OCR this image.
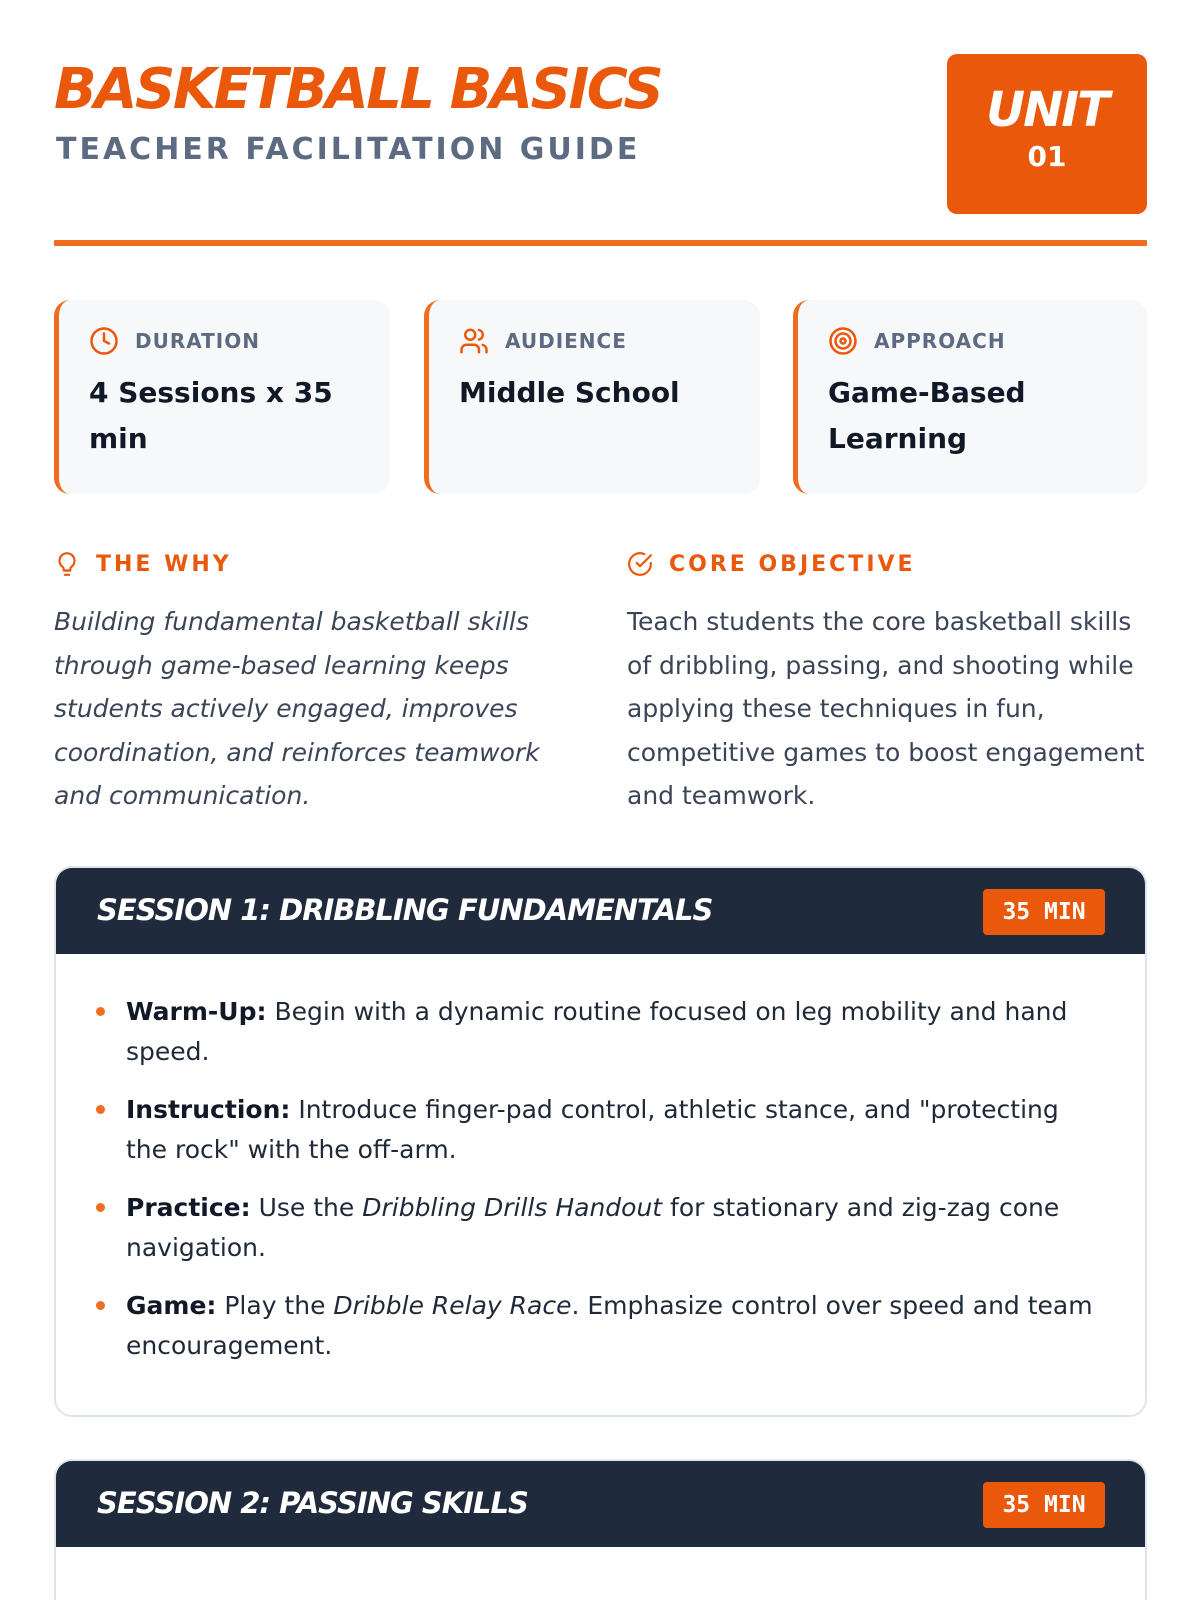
BASKETBALL BASICS
TEACHER FACILITATION GUIDE
UNIT
01
DURATION
4 Sessions x 35 min
AUDIENCE
Middle School
APPROACH
Game-Based Learning
THE WHY

Building fundamental basketball skills through game-based learning keeps students actively engaged, improves coordination, and reinforces teamwork and communication.

CORE OBJECTIVE

Teach students the core basketball skills of dribbling, passing, and shooting while applying these techniques in fun, competitive games to boost engagement and teamwork.

SESSION 1: DRIBBLING FUNDAMENTALS	35 MIN
Warm-Up: Begin with a dynamic routine focused on leg mobility and hand speed.
Instruction: Introduce finger-pad control, athletic stance, and "protecting the rock" with the off-arm.
Practice: Use the Dribbling Drills Handout for stationary and zig-zag cone navigation.
Game: Play the Dribble Relay Race. Emphasize control over speed and team encouragement.
SESSION 2: PASSING SKILLS	35 MIN
